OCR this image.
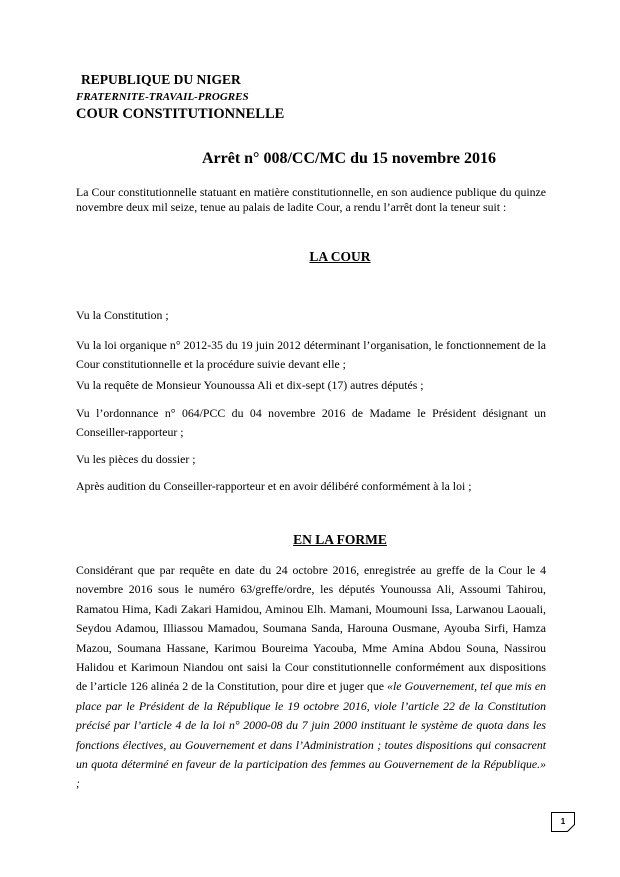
REPUBLIQUE DU NIGER
FRATERNITE-TRAVAIL-PROGRES
COUR CONSTITUTIONNELLE
Arrêt n° 008/CC/MC du 15 novembre 2016
La Cour constitutionnelle statuant en matière constitutionnelle, en son audience publique du quinze novembre deux mil seize, tenue au palais de ladite Cour, a rendu l’arrêt dont la teneur suit :
LA COUR
Vu la Constitution ;
Vu la loi organique n° 2012-35 du 19 juin 2012 déterminant l’organisation, le fonctionnement de la Cour constitutionnelle et la procédure suivie devant elle ;
Vu la requête de Monsieur Younoussa Ali et dix-sept (17) autres députés ;
Vu l’ordonnance n° 064/PCC du 04 novembre 2016 de Madame le Président désignant un Conseiller-rapporteur ;
Vu les pièces du dossier ;
Après audition du Conseiller-rapporteur et en avoir délibéré conformément à la loi ;
EN LA FORME
Considérant que par requête en date du 24 octobre 2016, enregistrée au greffe de la Cour le 4 novembre 2016 sous le numéro 63/greffe/ordre, les députés Younoussa Ali, Assoumi Tahirou, Ramatou Hima, Kadi Zakari Hamidou, Aminou Elh. Mamani, Moumouni Issa, Larwanou Laouali, Seydou Adamou, Illiassou Mamadou, Soumana Sanda, Harouna Ousmane, Ayouba Sirfi, Hamza Mazou, Soumana Hassane, Karimou Boureima Yacouba, Mme Amina Abdou Souna, Nassirou Halidou et Karimoun Niandou ont saisi la Cour constitutionnelle conformément aux dispositions de l’article 126 alinéa 2 de la Constitution, pour dire et juger que «le Gouvernement, tel que mis en place par le Président de la République le 19 octobre 2016, viole l’article 22 de la Constitution précisé par l’article 4 de la loi n° 2000-08 du 7 juin 2000 instituant le système de quota dans les fonctions électives, au Gouvernement et dans l’Administration ; toutes dispositions qui consacrent un quota déterminé en faveur de la participation des femmes au Gouvernement de la République.» ;
1
